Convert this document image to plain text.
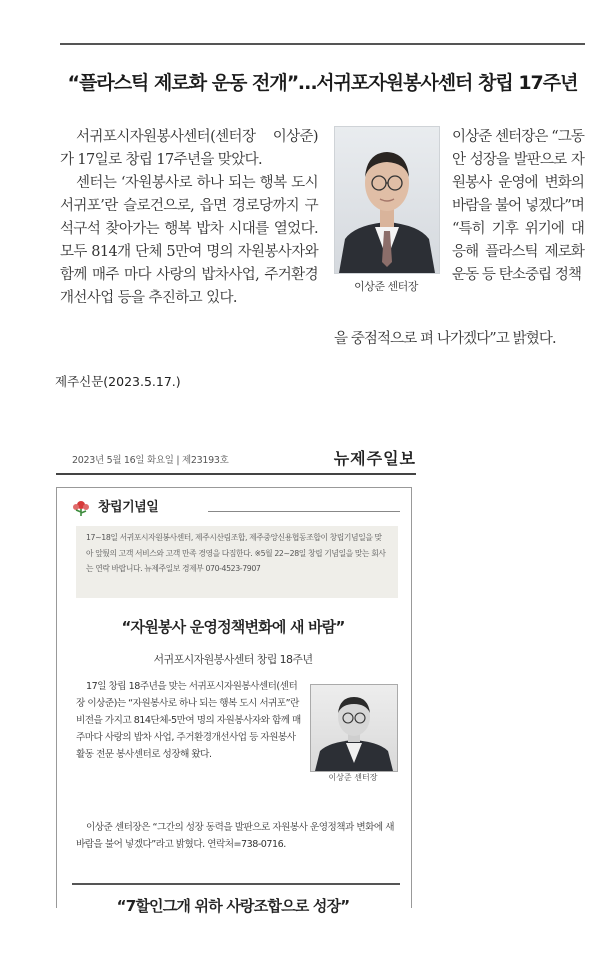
“플라스틱 제로화 운동 전개”…서귀포자원봉사센터 창립 17주년

서귀포시자원봉사센터(센터장 이상준)가 17일로 창립 17주년을 맞았다.

센터는 ‘자원봉사로 하나 되는 행복 도시 서귀포’란 슬로건으로, 읍면 경로당까지 구석구석 찾아가는 행복 밥차 시대를 열었다. 모두 814개 단체 5만여 명의 자원봉사자와 함께 매주 마다 사랑의 밥차사업, 주거환경 개선사업 등을 추진하고 있다.

이상준 센터장

이상준 센터장은 “그동안 성장을 발판으로 자원봉사 운영에 변화의 바람을 불어 넣겠다”며 “특히 기후 위기에 대응해 플라스틱 제로화 운동 등 탄소중립 정책

을 중점적으로 펴 나가겠다”고 밝혔다.
제주신문(2023.5.17.)
2023년 5월 16일 화요일 | 제23193호	뉴제주일보
창립기념일
17~18일 서귀포시자원봉사센터, 제주시산림조합, 제주중앙신용협동조합이 창립기념일을 맞아 앞뒀의 고객 서비스와 고객 만족 경영을 다짐한다. ※5월 22~28일 창립 기념일을 맞는 회사는 연락 바랍니다. 뉴제주일보 경제부 070-4523-7907
“자원봉사 운영정책변화에 새 바람”
서귀포시자원봉사센터 창립 18주년

17일 창립 18주년을 맞는 서귀포시자원봉사센터(센터장 이상준)는 “자원봉사로 하나 되는 행복 도시 서귀포”란 비전을 가지고 814단체-5만여 명의 자원봉사자와 함께 매주마다 사랑의 밥차 사업, 주거환경개선사업 등 자원봉사활동 전문 봉사센터로 성장해 왔다.

이상준 센터장은 “그간의 성장 동력을 발판으로 자원봉사 운영정책과 변화에 새 바람을 불어 넣겠다”라고 밝혔다. 연락처=738-0716.

이상준 센터장
“7할인그개 위하 사랑조합으로 성장”
